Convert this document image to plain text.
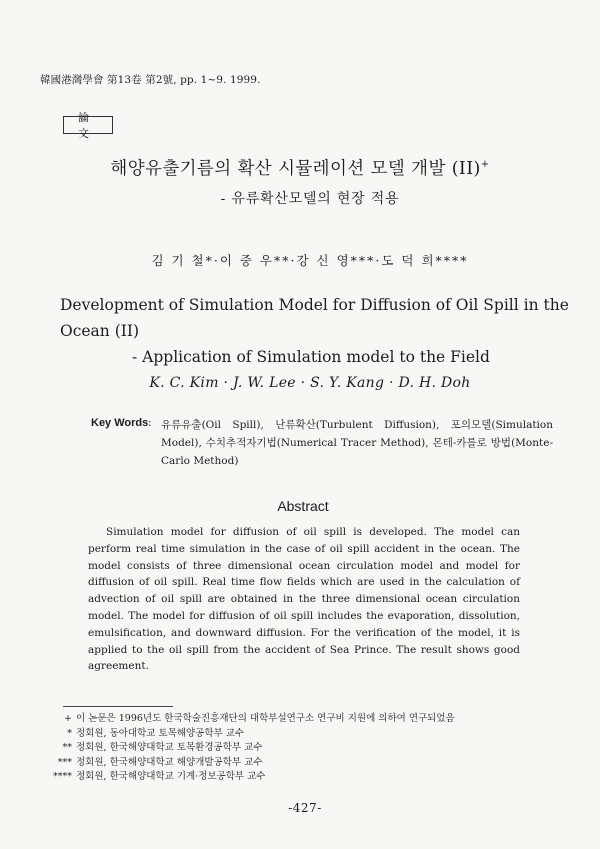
韓國港灣學會 第13卷 第2號, pp. 1~9. 1999.
論 文
해양유출기름의 확산 시뮬레이션 모델 개발 (II)+
- 유류확산모델의 현장 적용
김 기 철*·이 중 우**·강 신 영***·도 덕 희****
Development of Simulation Model for Diffusion of Oil Spill in the Ocean (II)
- Application of Simulation model to the Field
K. C. Kim · J. W. Lee · S. Y. Kang · D. H. Doh
Key Words : 유류유출(Oil Spill), 난류확산(Turbulent Diffusion), 포의모델(Simulation Model), 수치추적자기법(Numerical Tracer Method), 몬테-카를로 방법(Monte-Carlo Method)
Abstract
Simulation model for diffusion of oil spill is developed. The model can perform real time simulation in the case of oil spill accident in the ocean. The model consists of three dimensional ocean circulation model and model for diffusion of oil spill. Real time flow fields which are used in the calculation of advection of oil spill are obtained in the three dimensional ocean circulation model. The model for diffusion of oil spill includes the evaporation, dissolution, emulsification, and downward diffusion. For the verification of the model, it is applied to the oil spill from the accident of Sea Prince. The result shows good agreement.
+ 이 논문은 1996년도 한국학술진흥재단의 대학부설연구소 연구비 지원에 의하여 연구되었음
* 정회원, 동아대학교 토목해양공학부 교수
** 정회원, 한국해양대학교 토목환경공학부 교수
*** 정회원, 한국해양대학교 해양개발공학부 교수
**** 정회원, 한국해양대학교 기계·정보공학부 교수
-427-
